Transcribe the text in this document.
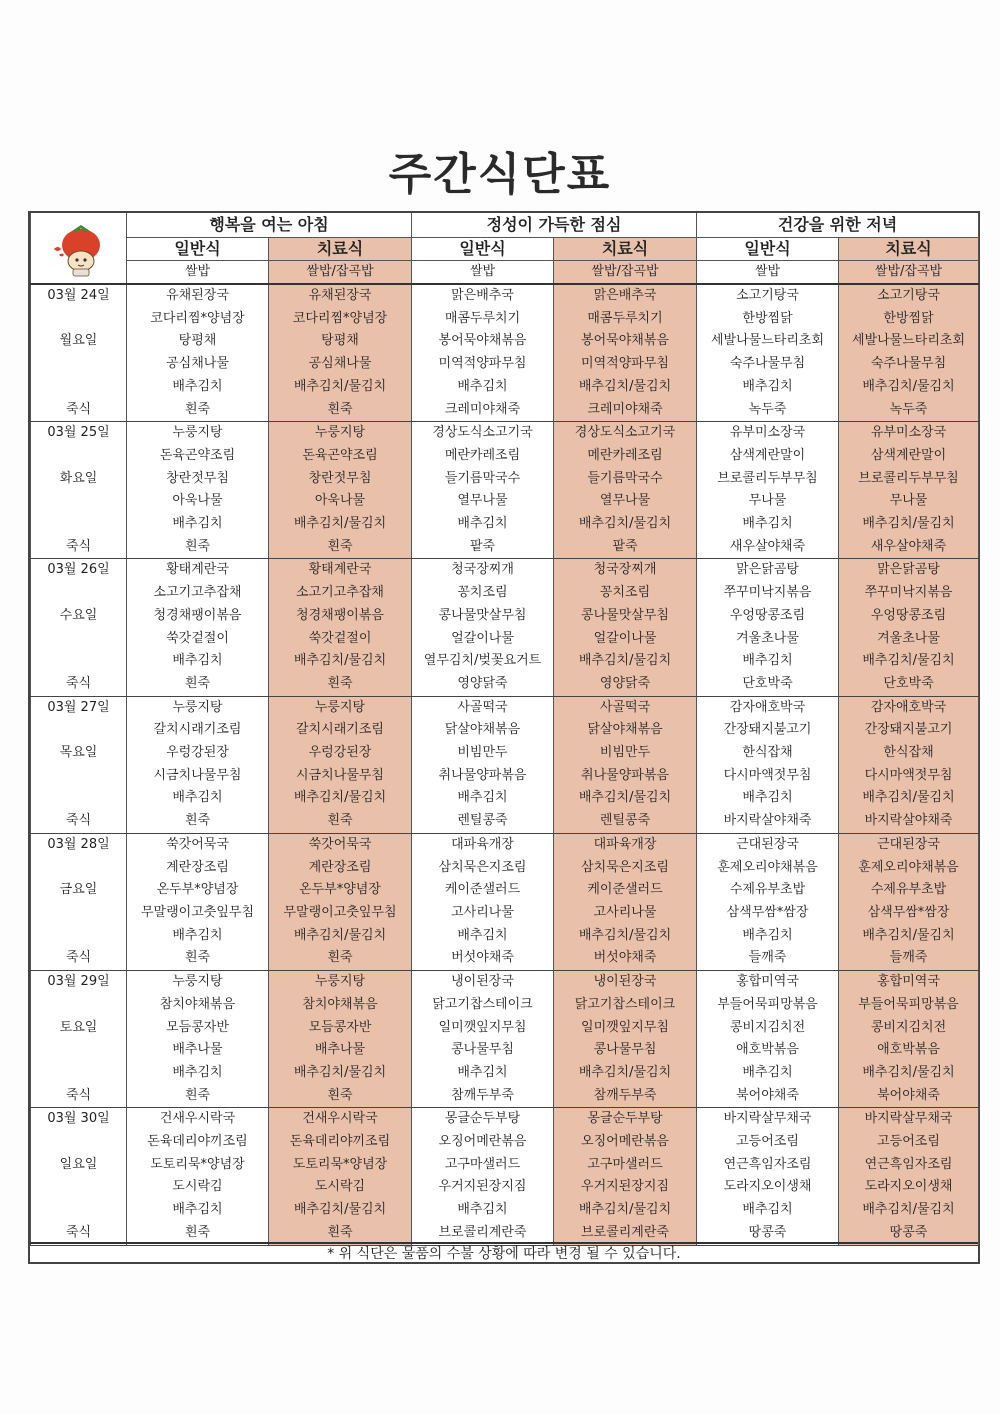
주간식단표
	행복을 여는 아침		정성이 가득한 점심		건강을 위한 저녁	
	일반식	치료식	일반식	치료식	일반식	치료식
	쌀밥	쌀밥/잡곡밥	쌀밥	쌀밥/잡곡밥	쌀밥	쌀밥/잡곡밥
03월 24일	유채된장국	유채된장국	맑은배추국	맑은배추국	소고기탕국	소고기탕국
	코다리찜*양념장	코다리찜*양념장	매콤두루치기	매콤두루치기	한방찜닭	한방찜닭
월요일	탕평채	탕평채	봉어묵야채볶음	봉어묵야채볶음	세발나물느타리초회	세발나물느타리초회
	공심채나물	공심채나물	미역적양파무침	미역적양파무침	숙주나물무침	숙주나물무침
	배추김치	배추김치/물김치	배추김치	배추김치/물김치	배추김치	배추김치/물김치
죽식	흰죽	흰죽	크레미야채죽	크레미야채죽	녹두죽	녹두죽
03월 25일	누룽지탕	누룽지탕	경상도식소고기국	경상도식소고기국	유부미소장국	유부미소장국
	돈육곤약조림	돈육곤약조림	메란카레조림	메란카레조림	삼색계란말이	삼색계란말이
화요일	창란젓무침	창란젓무침	들기름막국수	들기름막국수	브로콜리두부무침	브로콜리두부무침
	아욱나물	아욱나물	열무나물	열무나물	무나물	무나물
	배추김치	배추김치/물김치	배추김치	배추김치/물김치	배추김치	배추김치/물김치
죽식	흰죽	흰죽	팥죽	팥죽	새우살야채죽	새우살야채죽
03월 26일	황태계란국	황태계란국	청국장찌개	청국장찌개	맑은닭곰탕	맑은닭곰탕
	소고기고추잡채	소고기고추잡채	꽁치조림	꽁치조림	쭈꾸미낙지볶음	쭈꾸미낙지볶음
수요일	청경채팽이볶음	청경채팽이볶음	콩나물맛살무침	콩나물맛살무침	우엉땅콩조림	우엉땅콩조림
	쑥갓겉절이	쑥갓겉절이	얼갈이나물	얼갈이나물	겨울초나물	겨울초나물
	배추김치	배추김치/물김치	열무김치/벚꽃요거트	배추김치/물김치	배추김치	배추김치/물김치
죽식	흰죽	흰죽	영양닭죽	영양닭죽	단호박죽	단호박죽
03월 27일	누룽지탕	누룽지탕	사골떡국	사골떡국	감자애호박국	감자애호박국
	갈치시래기조림	갈치시래기조림	닭살야채볶음	닭살야채볶음	간장돼지불고기	간장돼지불고기
목요일	우렁강된장	우렁강된장	비빔만두	비빔만두	한식잡채	한식잡채
	시금치나물무침	시금치나물무침	취나물양파볶음	취나물양파볶음	다시마액젓무침	다시마액젓무침
	배추김치	배추김치/물김치	배추김치	배추김치/물김치	배추김치	배추김치/물김치
죽식	흰죽	흰죽	렌틸콩죽	렌틸콩죽	바지락살야채죽	바지락살야채죽
03월 28일	쑥갓어묵국	쑥갓어묵국	대파육개장	대파육개장	근대된장국	근대된장국
	계란장조림	계란장조림	삼치묵은지조림	삼치묵은지조림	훈제오리야채볶음	훈제오리야채볶음
금요일	온두부*양념장	온두부*양념장	케이준샐러드	케이준샐러드	수제유부초밥	수제유부초밥
	무말랭이고춧잎무침	무말랭이고춧잎무침	고사리나물	고사리나물	삼색무쌈*쌈장	삼색무쌈*쌈장
	배추김치	배추김치/물김치	배추김치	배추김치/물김치	배추김치	배추김치/물김치
죽식	흰죽	흰죽	버섯야채죽	버섯야채죽	들깨죽	들깨죽
03월 29일	누룽지탕	누룽지탕	냉이된장국	냉이된장국	홍합미역국	홍합미역국
	참치야채볶음	참치야채볶음	닭고기찹스테이크	닭고기찹스테이크	부들어묵피망볶음	부들어묵피망볶음
토요일	모듬콩자반	모듬콩자반	일미깻잎지무침	일미깻잎지무침	콩비지김치전	콩비지김치전
	배추나물	배추나물	콩나물무침	콩나물무침	애호박볶음	애호박볶음
	배추김치	배추김치/물김치	배추김치	배추김치/물김치	배추김치	배추김치/물김치
죽식	흰죽	흰죽	참깨두부죽	참깨두부죽	북어야채죽	북어야채죽
03월 30일	건새우시락국	건새우시락국	몽글순두부탕	몽글순두부탕	바지락살무채국	바지락살무채국
	돈육데리야끼조림	돈육데리야끼조림	오징어메란볶음	오징어메란볶음	고등어조림	고등어조림
일요일	도토리묵*양념장	도토리묵*양념장	고구마샐러드	고구마샐러드	연근흑임자조림	연근흑임자조림
	도시락김	도시락김	우거지된장지짐	우거지된장지짐	도라지오이생채	도라지오이생채
	배추김치	배추김치/물김치	배추김치	배추김치/물김치	배추김치	배추김치/물김치
죽식	흰죽	흰죽	브로콜리계란죽	브로콜리계란죽	땅콩죽	땅콩죽
* 위 식단은 물품의 수불 상황에 따라 변경 될 수 있습니다.
